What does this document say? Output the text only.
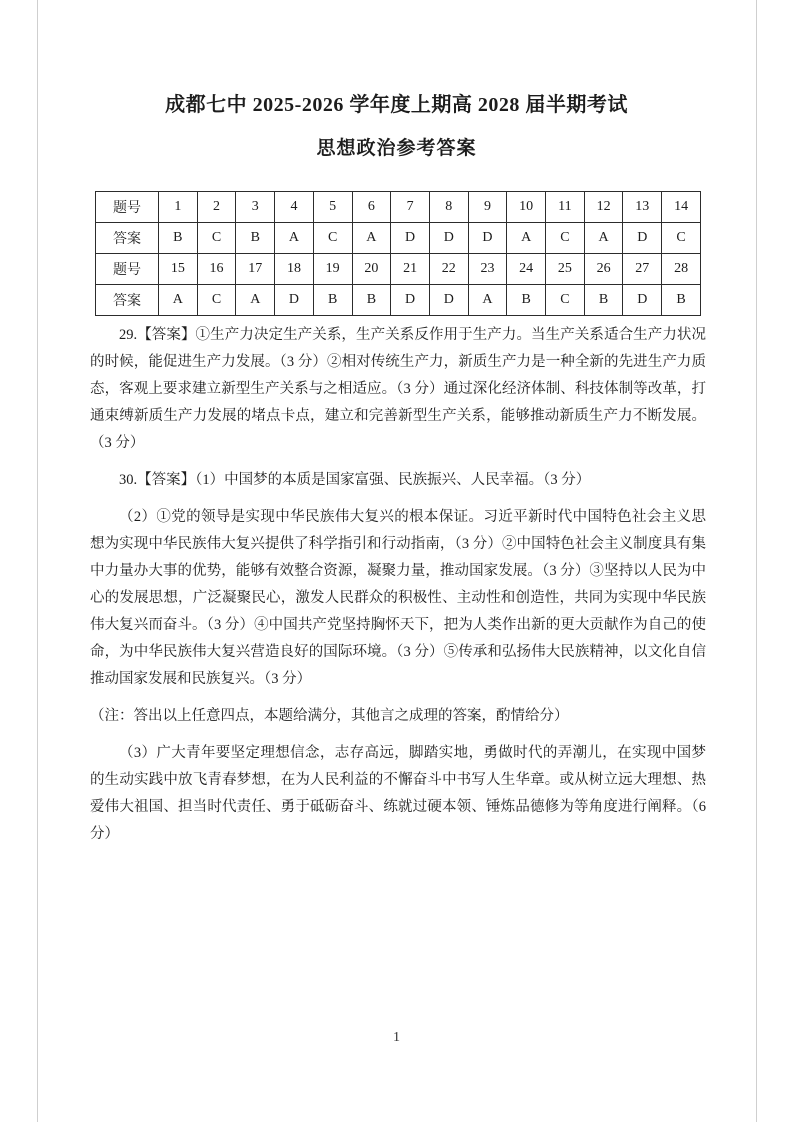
成都七中 2025-2026 学年度上期高 2028 届半期考试
思想政治参考答案
题号	1	2	3	4	5	6	7	8	9	10	11	12	13	14
答案	B	C	B	A	C	A	D	D	D	A	C	A	D	C
题号	15	16	17	18	19	20	21	22	23	24	25	26	27	28
答案	A	C	A	D	B	B	D	D	A	B	C	B	D	B

29.【答案】①生产力决定生产关系，生产关系反作用于生产力。当生产关系适合生产力状况的时候，能促进生产力发展。（3 分）②相对传统生产力，新质生产力是一种全新的先进生产力质态，客观上要求建立新型生产关系与之相适应。（3 分）通过深化经济体制、科技体制等改革，打通束缚新质生产力发展的堵点卡点，建立和完善新型生产关系，能够推动新质生产力不断发展。（3 分）

30.【答案】（1）中国梦的本质是国家富强、民族振兴、人民幸福。（3 分）

（2）①党的领导是实现中华民族伟大复兴的根本保证。习近平新时代中国特色社会主义思想为实现中华民族伟大复兴提供了科学指引和行动指南，（3 分）②中国特色社会主义制度具有集中力量办大事的优势，能够有效整合资源，凝聚力量，推动国家发展。（3 分）③坚持以人民为中心的发展思想，广泛凝聚民心，激发人民群众的积极性、主动性和创造性，共同为实现中华民族伟大复兴而奋斗。（3 分）④中国共产党坚持胸怀天下，把为人类作出新的更大贡献作为自己的使命，为中华民族伟大复兴营造良好的国际环境。（3 分）⑤传承和弘扬伟大民族精神，以文化自信推动国家发展和民族复兴。（3 分）

（注：答出以上任意四点，本题给满分，其他言之成理的答案，酌情给分）

（3）广大青年要坚定理想信念，志存高远，脚踏实地，勇做时代的弄潮儿，在实现中国梦的生动实践中放飞青春梦想，在为人民利益的不懈奋斗中书写人生华章。或从树立远大理想、热爱伟大祖国、担当时代责任、勇于砥砺奋斗、练就过硬本领、锤炼品德修为等角度进行阐释。（6 分）

1
